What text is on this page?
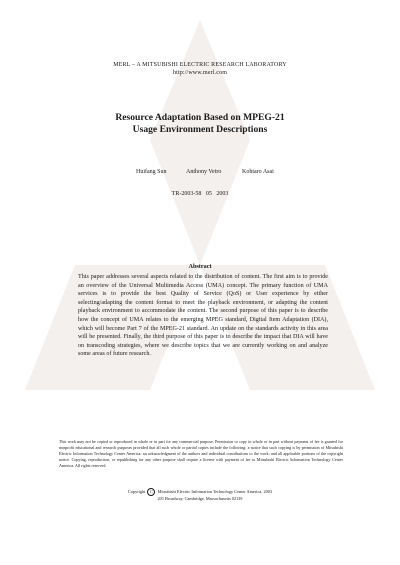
MERL – A MITSUBISHI ELECTRIC RESEARCH LABORATORY
http://www.merl.com
Resource Adaptation Based on MPEG-21
Usage Environment Descriptions
Huifang Sun	Anthony Vetro	Kohtaro Asai
TR-2003-58 05 2003
Abstract
This paper addresses several aspects related to the distribution of content. The first aim is to provide an overview of the Universal Multimedia Access (UMA) concept. The primary function of UMA services is to provide the best Quality of Service (QoS) or User experience by either selecting/adapting the content format to meet the playback environment, or adapting the content playback environment to accommodate the content. The second purpose of this paper is to describe how the concept of UMA relates to the emerging MPEG standard, Digital Item Adaptation (DIA), which will become Part 7 of the MPEG-21 standard. An update on the standards activity in this area will be presented. Finally, the third purpose of this paper is to describe the impact that DIA will have on transcoding strategies, where we describe topics that we are currently working on and analyze some areas of future research.
This work may not be copied or reproduced in whole or in part for any commercial purpose. Permission to copy in whole or in part without payment of fee is granted for nonprofit educational and research purposes provided that all such whole or partial copies include the following: a notice that such copying is by permission of Mitsubishi Electric Information Technology Center America; an acknowledgment of the authors and individual contributions to the work; and all applicable portions of the copyright notice. Copying, reproduction, or republishing for any other purpose shall require a license with payment of fee to Mitsubishi Electric Information Technology Center America. All rights reserved.
Copyright C Mitsubishi Electric Information Technology Center America, 2003
201 Broadway, Cambridge, Massachusetts 02139
